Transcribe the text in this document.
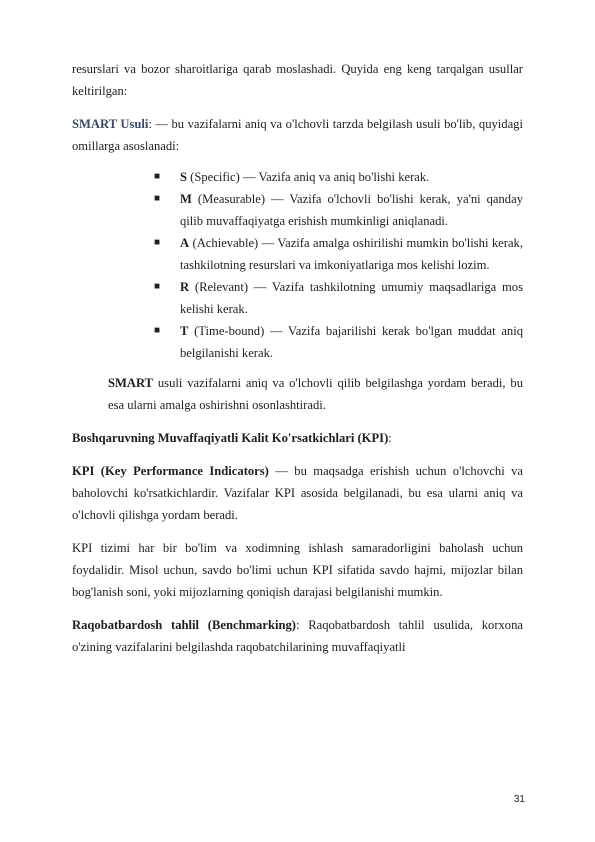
resurslari va bozor sharoitlariga qarab moslashadi. Quyida eng keng tarqalgan usullar keltirilgan:

SMART Usuli: — bu vazifalarni aniq va o'lchovli tarzda belgilash usuli bo'lib, quyidagi omillarga asoslanadi:

■ S (Specific) — Vazifa aniq va aniq bo'lishi kerak.
■ M (Measurable) — Vazifa o'lchovli bo'lishi kerak, ya'ni qanday qilib muvaffaqiyatga erishish mumkinligi aniqlanadi.
■ A (Achievable) — Vazifa amalga oshirilishi mumkin bo'lishi kerak, tashkilotning resurslari va imkoniyatlariga mos kelishi lozim.
■ R (Relevant) — Vazifa tashkilotning umumiy maqsadlariga mos kelishi kerak.
■ T (Time-bound) — Vazifa bajarilishi kerak bo'lgan muddat aniq belgilanishi kerak.

SMART usuli vazifalarni aniq va o'lchovli qilib belgilashga yordam beradi, bu esa ularni amalga oshirishni osonlashtiradi.

Boshqaruvning Muvaffaqiyatli Kalit Ko'rsatkichlari (KPI):

KPI (Key Performance Indicators) — bu maqsadga erishish uchun o'lchovchi va baholovchi ko'rsatkichlardir. Vazifalar KPI asosida belgilanadi, bu esa ularni aniq va o'lchovli qilishga yordam beradi.

KPI tizimi har bir bo'lim va xodimning ishlash samaradorligini baholash uchun foydalidir. Misol uchun, savdo bo'limi uchun KPI sifatida savdo hajmi, mijozlar bilan bog'lanish soni, yoki mijozlarning qoniqish darajasi belgilanishi mumkin.

Raqobatbardosh tahlil (Benchmarking): Raqobatbardosh tahlil usulida, korxona o'zining vazifalarini belgilashda raqobatchilarining muvaffaqiyatli

31
